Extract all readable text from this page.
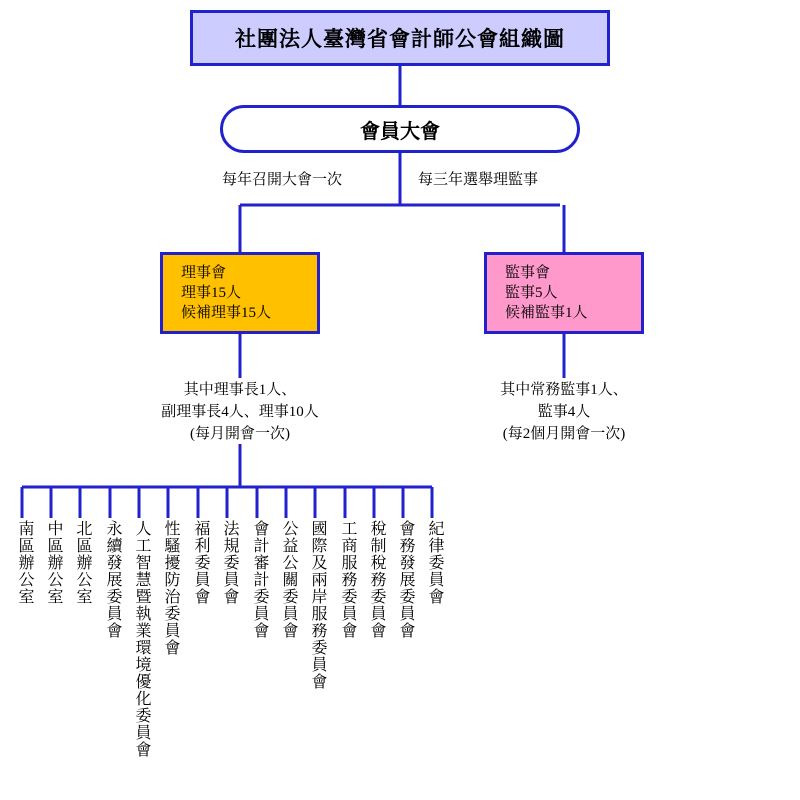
社團法人臺灣省會計師公會組織圖
會員大會
每年召開大會一次	每三年選舉理監事
理事會
理事15人
候補理事15人
監事會
監事5人
候補監事1人
其中理事長1人、
副理事長4人、理事10人
(每月開會一次)
其中常務監事1人、
監事4人
(每2個月開會一次)
紀律委員會
會務發展委員會
稅制稅務委員會
工商服務委員會
國際及兩岸服務委員會
公益公關委員會
會計審計委員會
法規委員會
福利委員會
性騷擾防治委員會
人工智慧暨執業環境優化委員會
永續發展委員會
北區辦公室
中區辦公室
南區辦公室
